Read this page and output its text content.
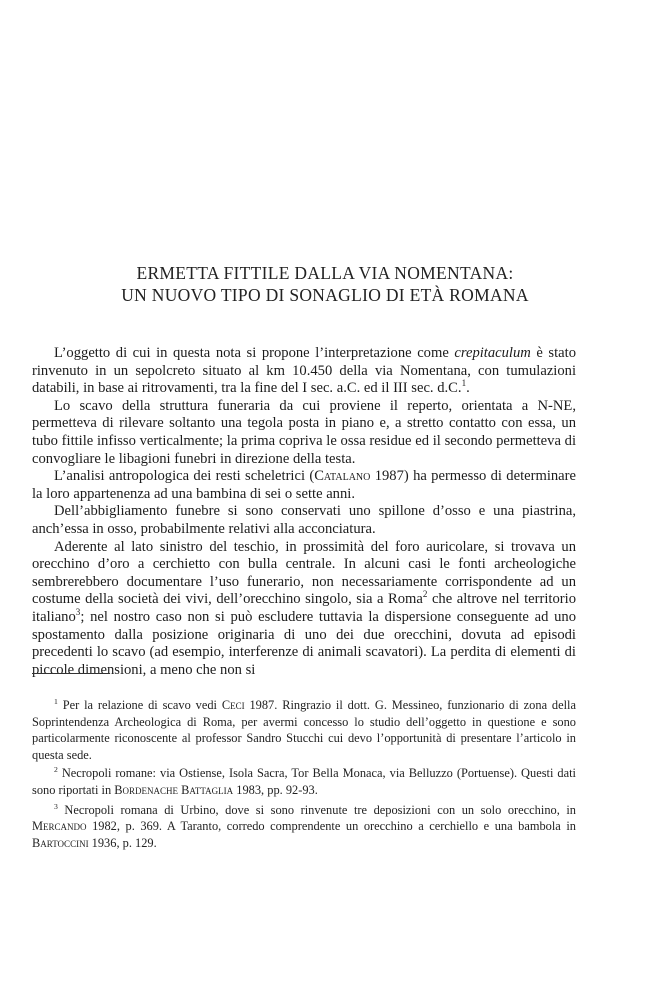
ERMETTA FITTILE DALLA VIA NOMENTANA:
UN NUOVO TIPO DI SONAGLIO DI ETÀ ROMANA

L’oggetto di cui in questa nota si propone l’interpretazione come crepitaculum è stato rinvenuto in un sepolcreto situato al km 10.450 della via Nomentana, con tumulazioni databili, in base ai ritrovamenti, tra la fine del I sec. a.C. ed il III sec. d.C.$^1$.

Lo scavo della struttura funeraria da cui proviene il reperto, orientata a N-NE, permetteva di rilevare soltanto una tegola posta in piano e, a stretto contatto con essa, un tubo fittile infisso verticalmente; la prima copriva le ossa residue ed il secondo permetteva di convogliare le libagioni funebri in direzione della testa.

L’analisi antropologica dei resti scheletrici (Catalano 1987) ha permesso di determinare la loro appartenenza ad una bambina di sei o sette anni.

Dell’abbigliamento funebre si sono conservati uno spillone d’osso e una piastrina, anch’essa in osso, probabilmente relativi alla acconciatura.

Aderente al lato sinistro del teschio, in prossimità del foro auricolare, si trovava un orecchino d’oro a cerchietto con bulla centrale. In alcuni casi le fonti archeologiche sembrerebbero documentare l’uso funerario, non necessariamente corrispondente ad un costume della società dei vivi, dell’orecchino singolo, sia a Roma$^2$ che altrove nel territorio italiano$^3$; nel nostro caso non si può escludere tuttavia la dispersione conseguente ad uno spostamento dalla posizione originaria di uno dei due orecchini, dovuta ad episodi precedenti lo scavo (ad esempio, interferenze di animali scavatori). La perdita di elementi di piccole dimensioni, a meno che non si

$^1$ Per la relazione di scavo vedi Ceci 1987. Ringrazio il dott. G. Messineo, funzionario di zona della Soprintendenza Archeologica di Roma, per avermi concesso lo studio dell’oggetto in questione e sono particolarmente riconoscente al professor Sandro Stucchi cui devo l’opportunità di presentare l’articolo in questa sede.

$^2$ Necropoli romane: via Ostiense, Isola Sacra, Tor Bella Monaca, via Belluzzo (Portuense). Questi dati sono riportati in Bordenache Battaglia 1983, pp. 92-93.

$^3$ Necropoli romana di Urbino, dove si sono rinvenute tre deposizioni con un solo orecchino, in Mercando 1982, p. 369. A Taranto, corredo comprendente un orecchino a cerchiello e una bambola in Bartoccini 1936, p. 129.
